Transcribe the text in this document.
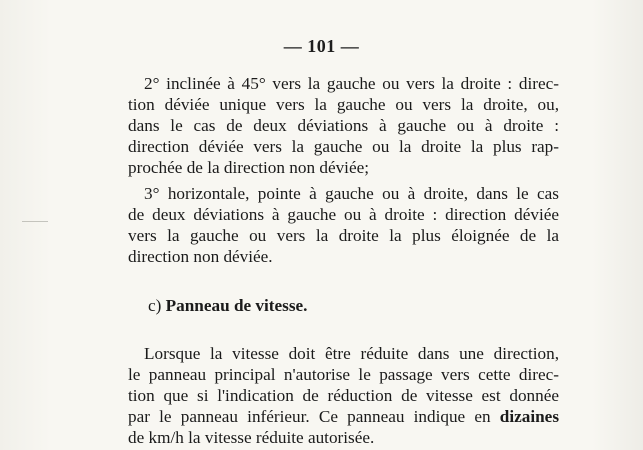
— 101 —
2° inclinée à 45° vers la gauche ou vers la droite : direc-
tion déviée unique vers la gauche ou vers la droite, ou,
dans le cas de deux déviations à gauche ou à droite :
direction déviée vers la gauche ou la droite la plus rap-
prochée de la direction non déviée;
3° horizontale, pointe à gauche ou à droite, dans le cas
de deux déviations à gauche ou à droite : direction déviée
vers la gauche ou vers la droite la plus éloignée de la
direction non déviée.
c) Panneau de vitesse.
Lorsque la vitesse doit être réduite dans une direction,
le panneau principal n'autorise le passage vers cette direc-
tion que si l'indication de réduction de vitesse est donnée
par le panneau inférieur. Ce panneau indique en dizaines
de km/h la vitesse réduite autorisée.
